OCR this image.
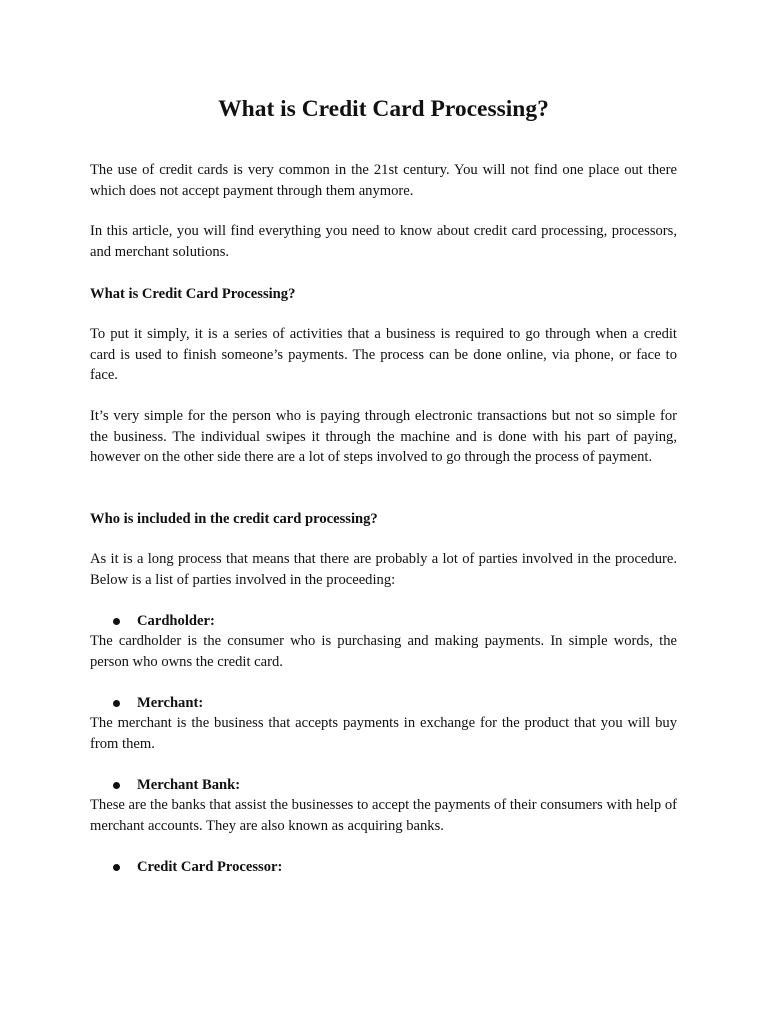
What is Credit Card Processing?

The use of credit cards is very common in the 21st century. You will not find one place out there which does not accept payment through them anymore.

In this article, you will find everything you need to know about credit card processing, processors, and merchant solutions.

What is Credit Card Processing?

To put it simply, it is a series of activities that a business is required to go through when a credit card is used to finish someone’s payments. The process can be done online, via phone, or face to face.

It’s very simple for the person who is paying through electronic transactions but not so simple for the business. The individual swipes it through the machine and is done with his part of paying, however on the other side there are a lot of steps involved to go through the process of payment.

Who is included in the credit card processing?

As it is a long process that means that there are probably a lot of parties involved in the procedure. Below is a list of parties involved in the proceeding:

Cardholder:

The cardholder is the consumer who is purchasing and making payments. In simple words, the person who owns the credit card.

Merchant:

The merchant is the business that accepts payments in exchange for the product that you will buy from them.

Merchant Bank:

These are the banks that assist the businesses to accept the payments of their consumers with help of merchant accounts. They are also known as acquiring banks.

Credit Card Processor:
